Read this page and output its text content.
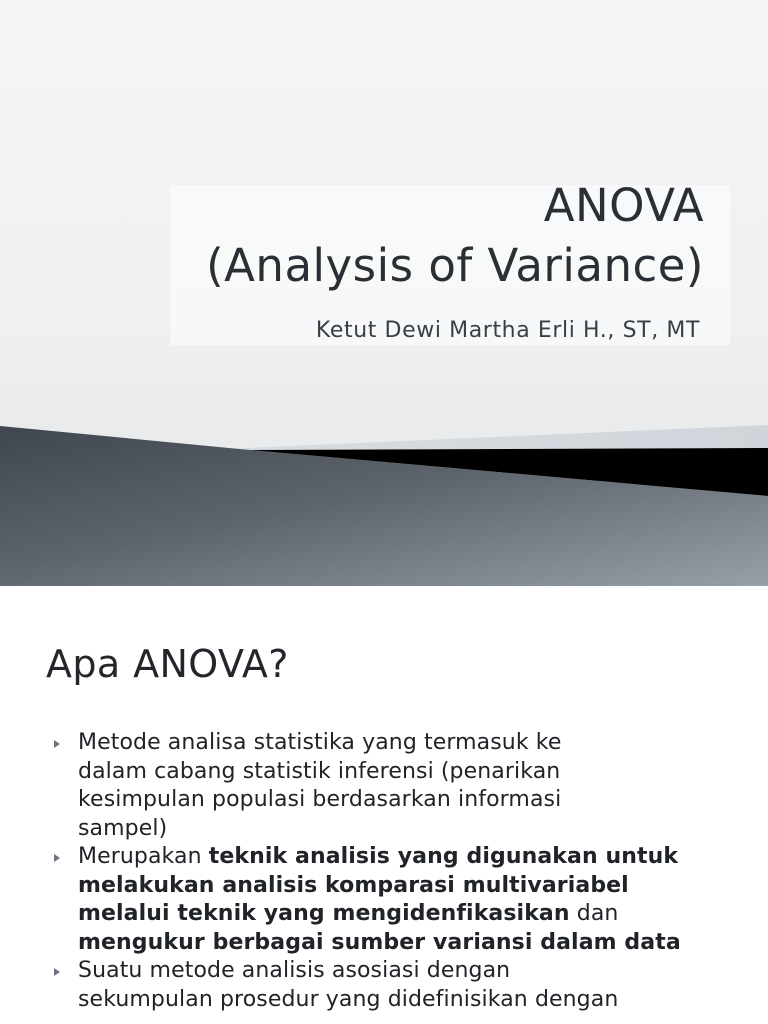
ANOVA
(Analysis of Variance)

Ketut Dewi Martha Erli H., ST, MT

Apa ANOVA?
Metode analisa statistika yang termasuk ke
dalam cabang statistik inferensi (penarikan
kesimpulan populasi berdasarkan informasi
sampel)
Merupakan teknik analisis yang digunakan untuk
melakukan analisis komparasi multivariabel
melalui teknik yang mengidenfikasikan dan
mengukur berbagai sumber variansi dalam data
Suatu metode analisis asosiasi dengan
sekumpulan prosedur yang didefinisikan dengan
